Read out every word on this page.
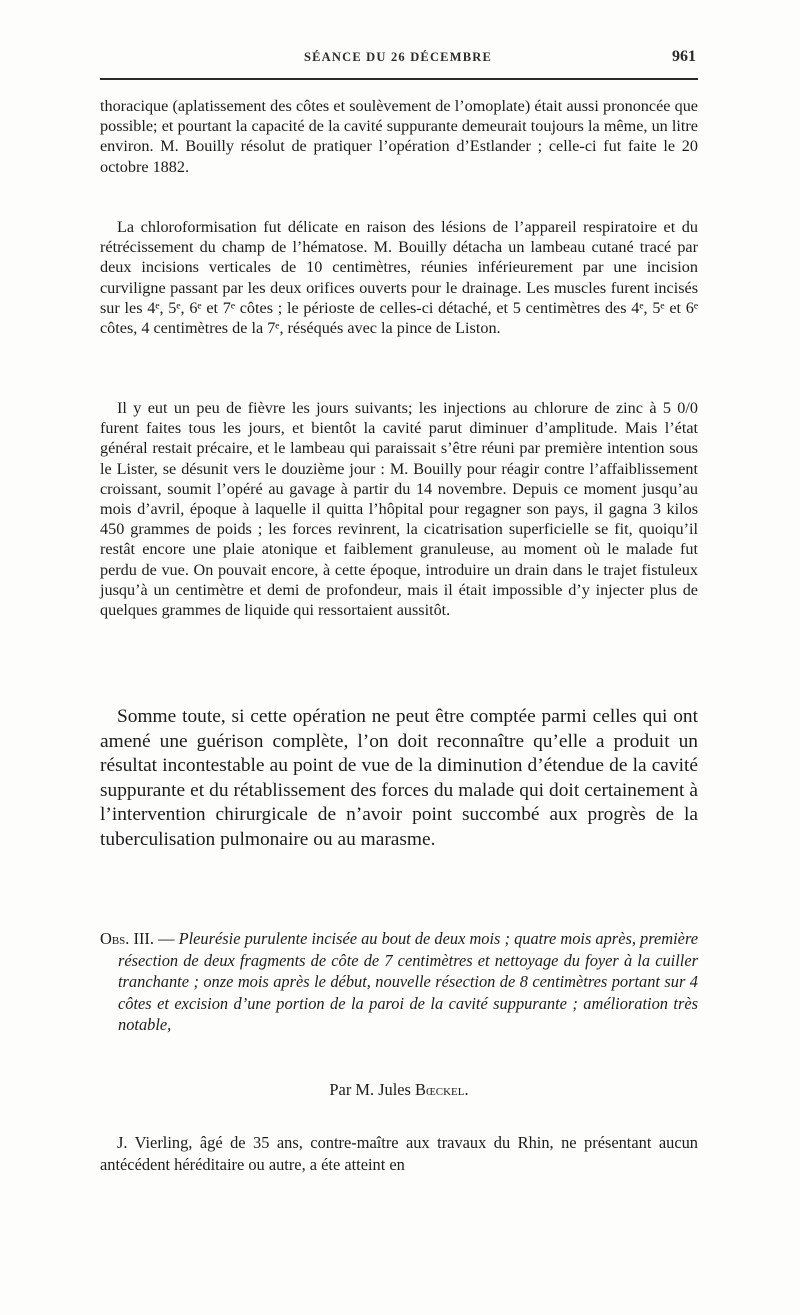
SÉANCE DU 26 DÉCEMBRE	961

thoracique (aplatissement des côtes et soulèvement de l’omoplate) était aussi prononcée que possible; et pourtant la capacité de la cavité suppurante demeurait toujours la même, un litre environ. M. Bouilly résolut de pratiquer l’opération d’Estlander ; celle-ci fut faite le 20 octobre 1882.

La chloroformisation fut délicate en raison des lésions de l’appareil respiratoire et du rétrécissement du champ de l’hématose. M. Bouilly détacha un lambeau cutané tracé par deux incisions verticales de 10 centimètres, réunies inférieurement par une incision curviligne passant par les deux orifices ouverts pour le drainage. Les muscles furent incisés sur les 4ᵉ, 5ᵉ, 6ᵉ et 7ᵉ côtes ; le périoste de celles-ci détaché, et 5 centimètres des 4ᵉ, 5ᵉ et 6ᵉ côtes, 4 centimètres de la 7ᵉ, réséqués avec la pince de Liston.

Il y eut un peu de fièvre les jours suivants; les injections au chlorure de zinc à 5 0/0 furent faites tous les jours, et bientôt la cavité parut diminuer d’amplitude. Mais l’état général restait précaire, et le lambeau qui paraissait s’être réuni par première intention sous le Lister, se désunit vers le douzième jour : M. Bouilly pour réagir contre l’affaiblissement croissant, soumit l’opéré au gavage à partir du 14 novembre. Depuis ce moment jusqu’au mois d’avril, époque à laquelle il quitta l’hôpital pour regagner son pays, il gagna 3 kilos 450 grammes de poids ; les forces revinrent, la cicatrisation superficielle se fit, quoiqu’il restât encore une plaie atonique et faiblement granuleuse, au moment où le malade fut perdu de vue. On pouvait encore, à cette époque, introduire un drain dans le trajet fistuleux jusqu’à un centimètre et demi de profondeur, mais il était impossible d’y injecter plus de quelques grammes de liquide qui ressortaient aussitôt.

Somme toute, si cette opération ne peut être comptée parmi celles qui ont amené une guérison complète, l’on doit reconnaître qu’elle a produit un résultat incontestable au point de vue de la diminution d’étendue de la cavité suppurante et du rétablissement des forces du malade qui doit certainement à l’intervention chirurgicale de n’avoir point succombé aux progrès de la tuberculisation pulmonaire ou au marasme.

Obs. III. — Pleurésie purulente incisée au bout de deux mois ; quatre mois après, première résection de deux fragments de côte de 7 centimètres et nettoyage du foyer à la cuiller tranchante ; onze mois après le début, nouvelle résection de 8 centimètres portant sur 4 côtes et excision d’une portion de la paroi de la cavité suppurante ; amélioration très notable,

Par M. Jules Bœckel.

J. Vierling, âgé de 35 ans, contre-maître aux travaux du Rhin, ne présentant aucun antécédent héréditaire ou autre, a éte atteint en
